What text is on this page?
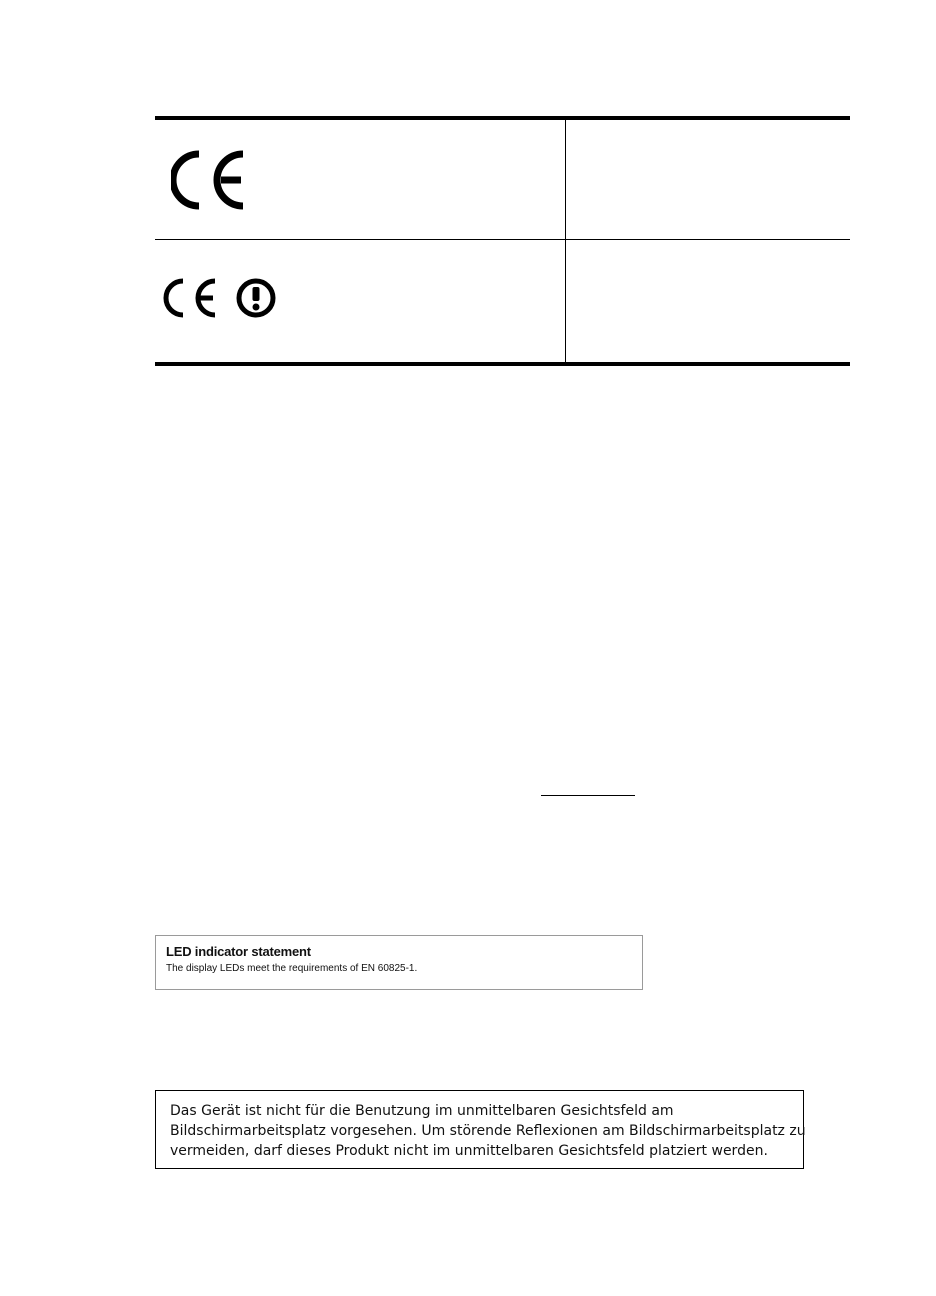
LED indicator statement
The display LEDs meet the requirements of EN 60825-1.
Das Gerät ist nicht für die Benutzung im unmittelbaren Gesichtsfeld am
Bildschirmarbeitsplatz vorgesehen. Um störende Reflexionen am Bildschirmarbeitsplatz zu
vermeiden, darf dieses Produkt nicht im unmittelbaren Gesichtsfeld platziert werden.
